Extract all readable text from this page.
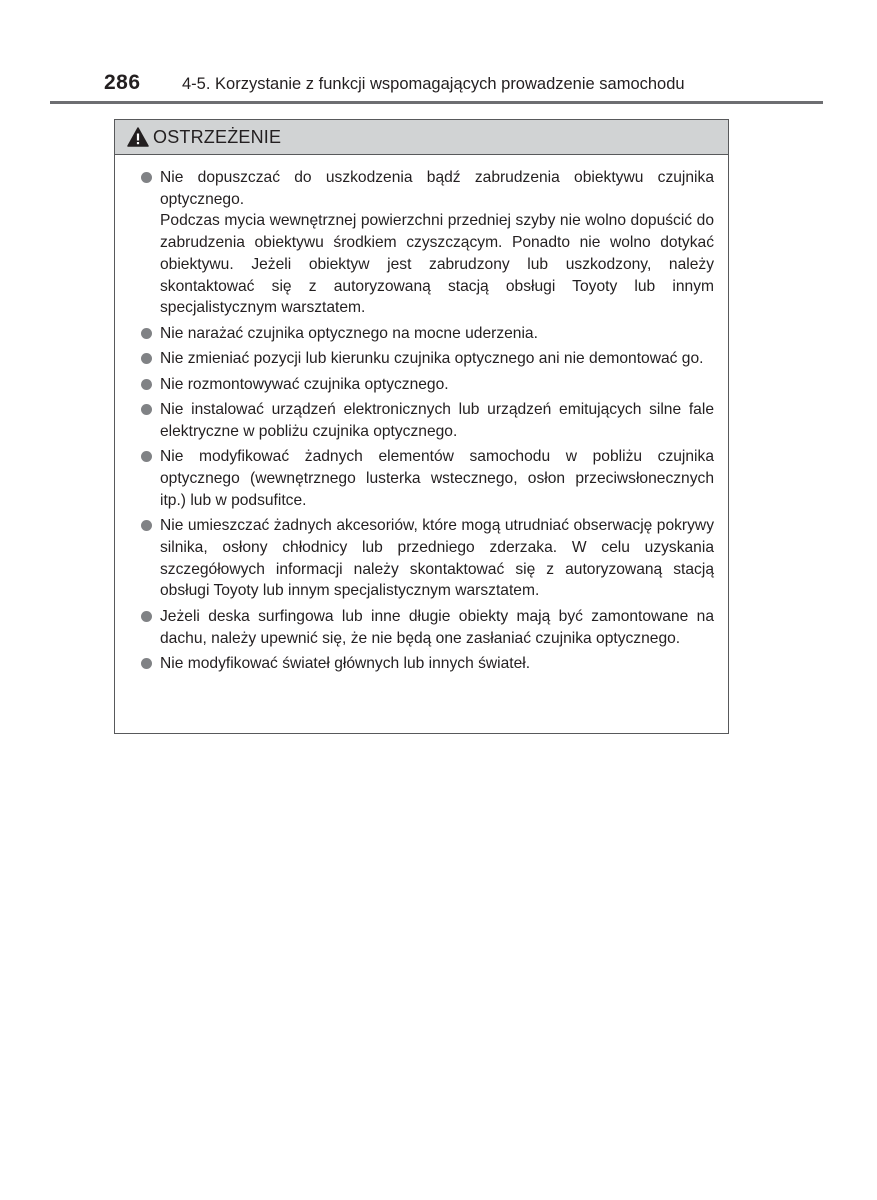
286	4-5. Korzystanie z funkcji wspomagających prowadzenie samochodu
OSTRZEŻENIE
Nie dopuszczać do uszkodzenia bądź zabrudzenia obiektywu czujnika optycznego.
Podczas mycia wewnętrznej powierzchni przedniej szyby nie wolno dopuścić do zabrudzenia obiektywu środkiem czyszczącym. Ponadto nie wolno dotykać obiektywu. Jeżeli obiektyw jest zabrudzony lub uszkodzony, należy skontaktować się z autoryzowaną stacją obsługi Toyoty lub innym specjalistycznym warsztatem.
Nie narażać czujnika optycznego na mocne uderzenia.
Nie zmieniać pozycji lub kierunku czujnika optycznego ani nie demontować go.
Nie rozmontowywać czujnika optycznego.
Nie instalować urządzeń elektronicznych lub urządzeń emitujących silne fale elektryczne w pobliżu czujnika optycznego.
Nie modyfikować żadnych elementów samochodu w pobliżu czujnika optycznego (wewnętrznego lusterka wstecznego, osłon przeciwsłonecznych itp.) lub w podsufitce.
Nie umieszczać żadnych akcesoriów, które mogą utrudniać obserwację pokrywy silnika, osłony chłodnicy lub przedniego zderzaka. W celu uzyskania szczegółowych informacji należy skontaktować się z autoryzowaną stacją obsługi Toyoty lub innym specjalistycznym warsztatem.
Jeżeli deska surfingowa lub inne długie obiekty mają być zamontowane na dachu, należy upewnić się, że nie będą one zasłaniać czujnika optycznego.
Nie modyfikować świateł głównych lub innych świateł.
